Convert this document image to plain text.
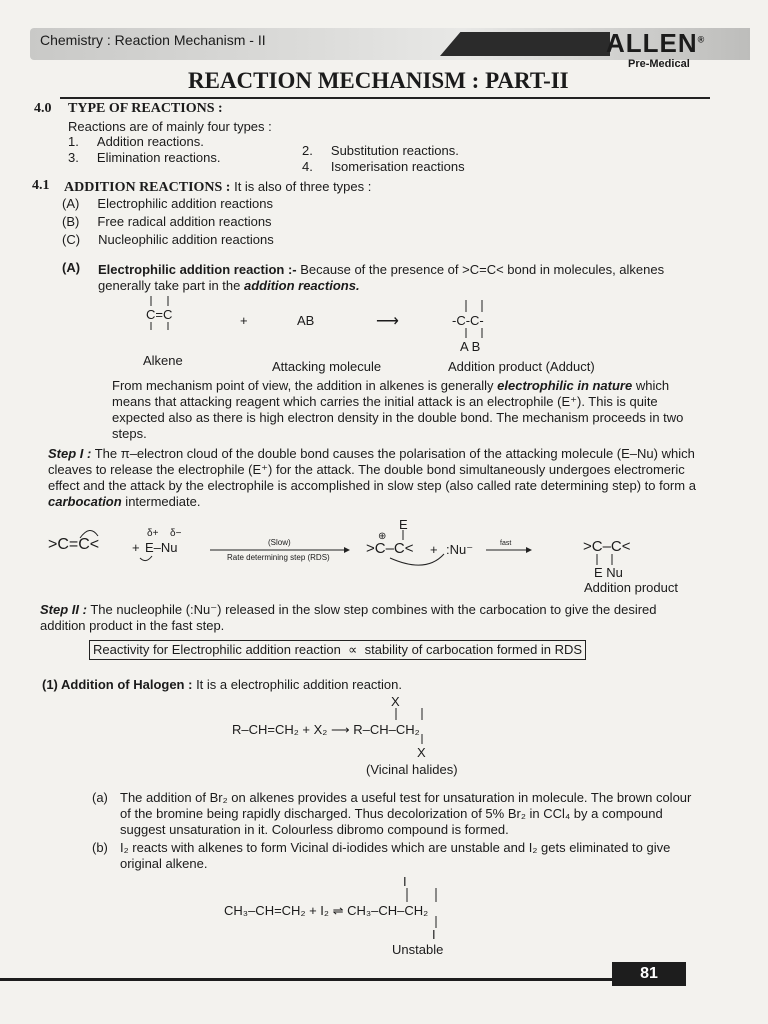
Chemistry : Reaction Mechanism - II	ALLEN®
Pre-Medical
REACTION MECHANISM : PART-II
4.0 TYPE OF REACTIONS :
Reactions are of mainly four types :
1. Addition reactions.
2. Substitution reactions.
3. Elimination reactions.
4. Isomerisation reactions
4.1 ADDITION REACTIONS : It is also of three types :
(A) Electrophilic addition reactions
(B) Free radical addition reactions
(C) Nucleophilic addition reactions
(A) Electrophilic addition reaction :- Because of the presence of >C=C< bond in molecules, alkenes generally take part in the addition reactions.
C=C	+	AB	⟶	-C-C-
A B
Alkene	Attacking molecule	Addition product (Adduct)
From mechanism point of view, the addition in alkenes is generally electrophilic in nature which means that attacking reagent which carries the initial attack is an electrophile (E⁺). This is quite expected also as there is high electron density in the double bond. The mechanism proceeds in two steps.
Step I : The π–electron cloud of the double bond causes the polarisation of the attacking molecule (E–Nu) which cleaves to release the electrophile (E⁺) for the attack. The double bond simultaneously undergoes electromeric effect and the attack by the electrophile is accomplished in slow step (also called rate determining step) to form a carbocation intermediate.
>C=C<	+
δ+ δ−
E–Nu	(Slow)
Rate determining step (RDS)
E
⊕
>C–C< + :Nu⁻	fast	>C–C<
E Nu
Addition product
Step II : The nucleophile (:Nu⁻) released in the slow step combines with the carbocation to give the desired addition product in the fast step.
Reactivity for Electrophilic addition reaction ∝ stability of carbocation formed in RDS
(1) Addition of Halogen : It is a electrophilic addition reaction.
X
R–CH=CH₂ + X₂ ⟶ R–CH–CH₂
X
(Vicinal halides)
(a) The addition of Br₂ on alkenes provides a useful test for unsaturation in molecule. The brown colour of the bromine being rapidly discharged. Thus decolorization of 5% Br₂ in CCl₄ by a compound suggest unsaturation in it. Colourless dibromo compound is formed.
(b) I₂ reacts with alkenes to form Vicinal di-iodides which are unstable and I₂ gets eliminated to give original alkene.
I
CH₃–CH=CH₂ + I₂ ⇌ CH₃–CH–CH₂
I
Unstable
81
